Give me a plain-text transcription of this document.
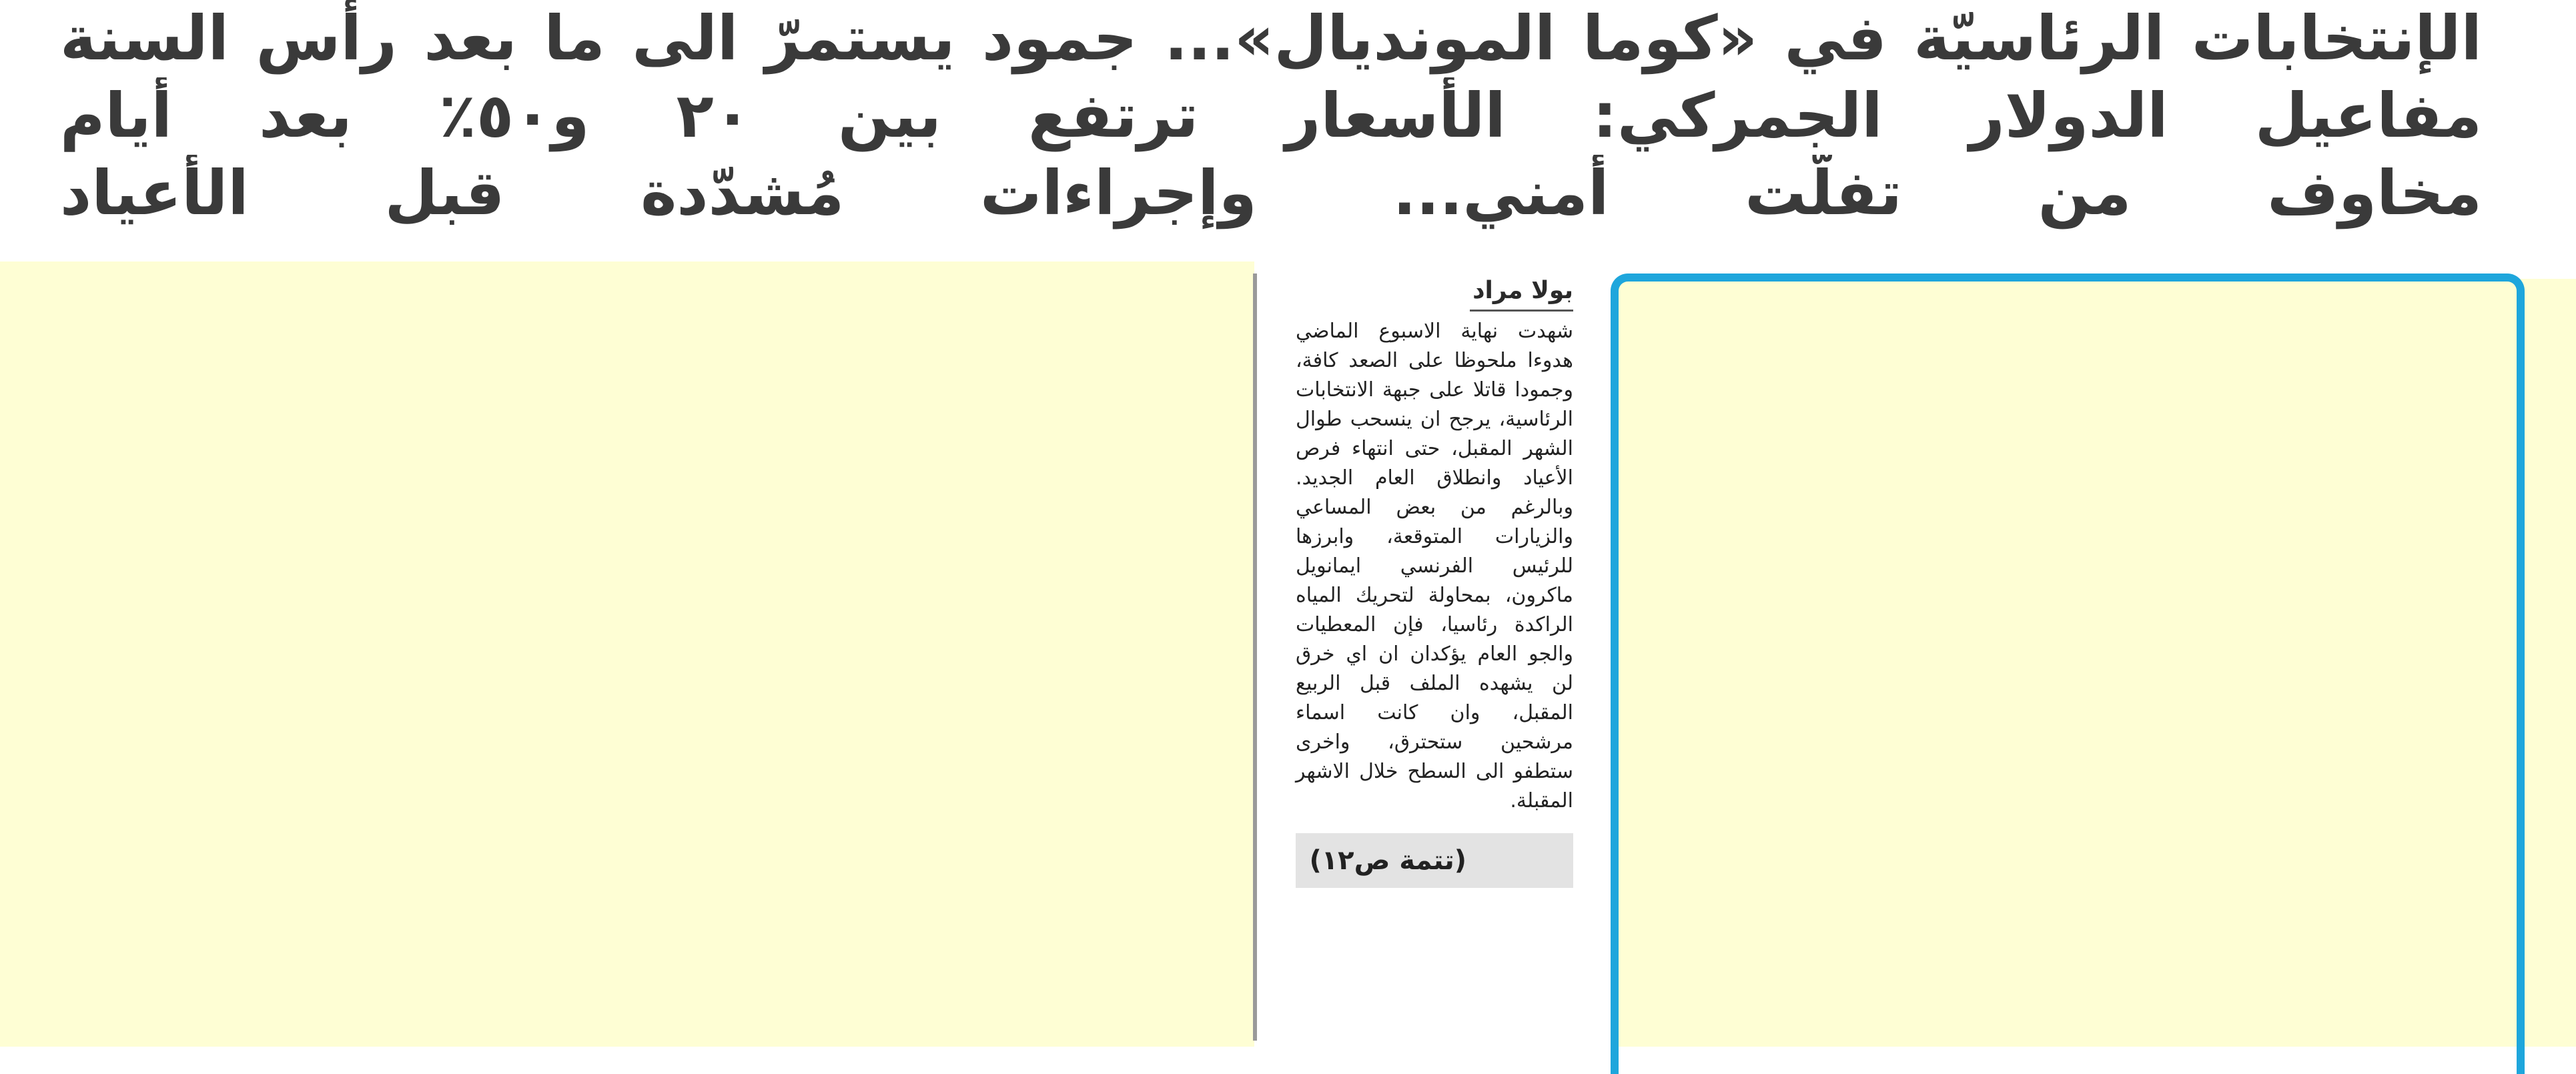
الإنتخابات الرئاسيّة في «كوما المونديال»... جمود يستمرّ الى ما بعد رأس السنة
مفاعيل الدولار الجمركي: الأسعار ترتفع بين ٢٠ و٥٠٪ بعد أيام
مخاوف من تفلّت أمني... وإجراءات مُشدّدة قبل الأعياد
بولا مراد
شهدت نهاية الاسبوع الماضي هدوءا ملحوظا على الصعد كافة، وجمودا قاتلا على جبهة الانتخابات الرئاسية، يرجح ان ينسحب طوال الشهر المقبل، حتى انتهاء فرص الأعياد وانطلاق العام الجديد. وبالرغم من بعض المساعي والزيارات المتوقعة، وابرزها للرئيس الفرنسي ايمانويل ماكرون، بمحاولة لتحريك المياه الراكدة رئاسيا، فإن المعطيات والجو العام يؤكدان ان اي خرق لن يشهده الملف قبل الربيع المقبل، وان كانت اسماء مرشحين ستحترق، واخرى ستطفو الى السطح خلال الاشهر المقبلة.
(تتمة ص١٢)
